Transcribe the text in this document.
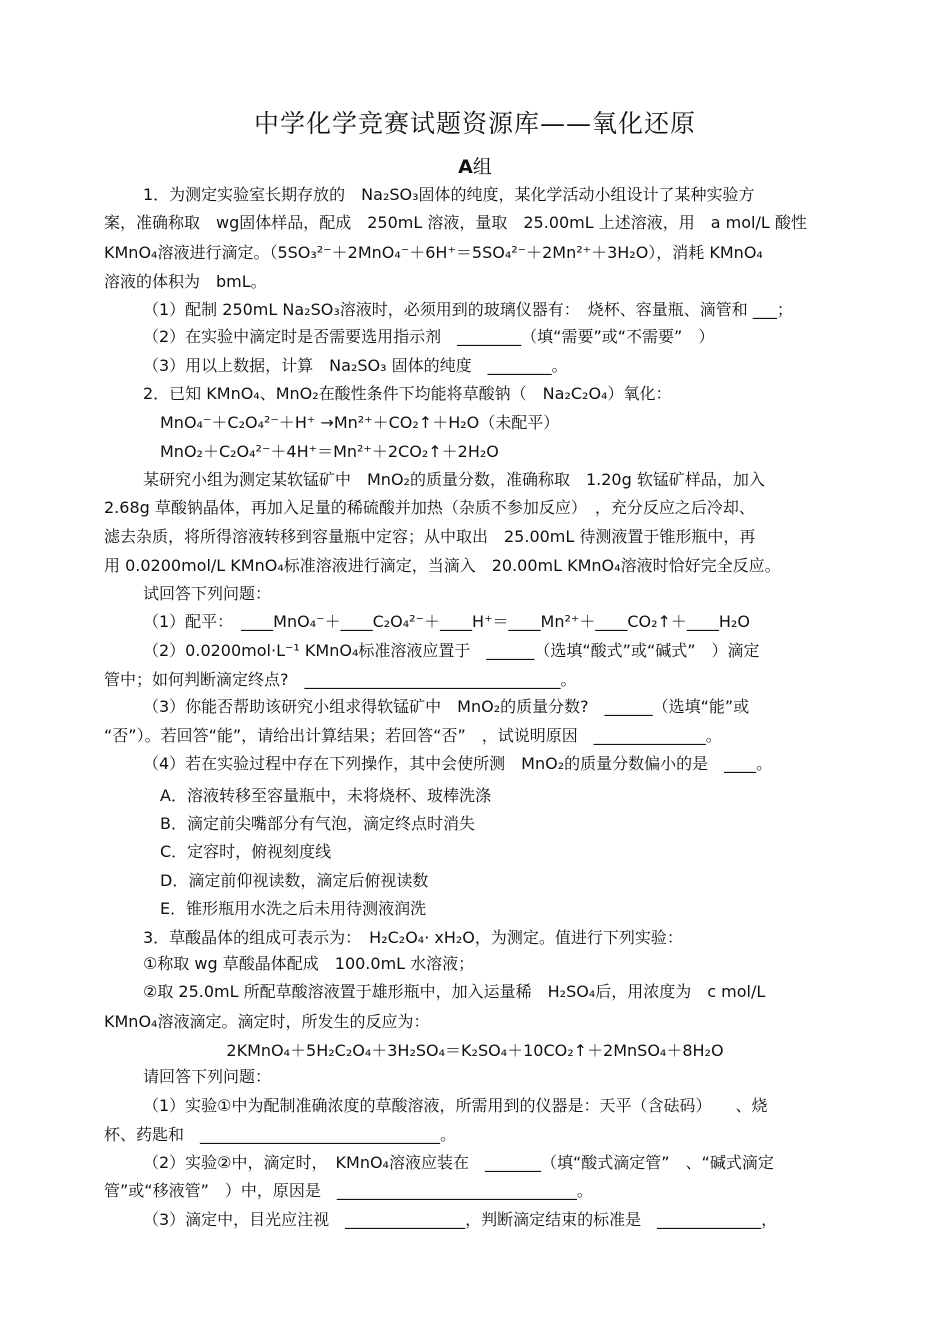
中学化学竞赛试题资源库——氧化还原
A组
1．为测定实验室长期存放的　Na₂SO₃固体的纯度，某化学活动小组设计了某种实验方
案，准确称取　wg固体样品，配成　250mL 溶液，量取　25.00mL 上述溶液，用　a mol/L 酸性
KMnO₄溶液进行滴定。（5SO₃²⁻＋2MnO₄⁻＋6H⁺＝5SO₄²⁻＋2Mn²⁺＋3H₂O），消耗 KMnO₄
溶液的体积为　bmL。
（1）配制 250mL Na₂SO₃溶液时，必须用到的玻璃仪器有：　烧杯、容量瓶、滴管和 ___；
（2）在实验中滴定时是否需要选用指示剂　________（填“需要”或“不需要”　）
（3）用以上数据，计算　Na₂SO₃ 固体的纯度　________。
2．已知 KMnO₄、MnO₂在酸性条件下均能将草酸钠（　Na₂C₂O₄）氧化：
MnO₄⁻＋C₂O₄²⁻＋H⁺ →Mn²⁺＋CO₂↑＋H₂O（未配平）
MnO₂＋C₂O₄²⁻＋4H⁺＝Mn²⁺＋2CO₂↑＋2H₂O
某研究小组为测定某软锰矿中　MnO₂的质量分数，准确称取　1.20g 软锰矿样品，加入
2.68g 草酸钠晶体，再加入足量的稀硫酸并加热（杂质不参加反应）　，充分反应之后冷却、
滤去杂质，将所得溶液转移到容量瓶中定容；从中取出　25.00mL 待测液置于锥形瓶中，再
用 0.0200mol/L KMnO₄标准溶液进行滴定，当滴入　20.00mL KMnO₄溶液时恰好完全反应。
试回答下列问题：
（1）配平：　____MnO₄⁻＋____C₂O₄²⁻＋____H⁺＝____Mn²⁺＋____CO₂↑＋____H₂O
（2）0.0200mol·L⁻¹ KMnO₄标准溶液应置于　______（选填“酸式”或“碱式”　）滴定
管中；如何判断滴定终点?　________________________________。
（3）你能否帮助该研究小组求得软锰矿中　MnO₂的质量分数?　______（选填“能”或
“否”）。若回答“能”，请给出计算结果；若回答“否”　，试说明原因　______________。
（4）若在实验过程中存在下列操作，其中会使所测　MnO₂的质量分数偏小的是　____。
A．溶液转移至容量瓶中，未将烧杯、玻棒洗涤
B．滴定前尖嘴部分有气泡，滴定终点时消失
C．定容时，俯视刻度线
D．滴定前仰视读数，滴定后俯视读数
E．锥形瓶用水洗之后未用待测液润洗
3．草酸晶体的组成可表示为：　H₂C₂O₄· xH₂O，为测定。值进行下列实验：
①称取 wg 草酸晶体配成　100.0mL 水溶液；
②取 25.0mL 所配草酸溶液置于雄形瓶中，加入运量稀　H₂SO₄后，用浓度为　c mol/L
KMnO₄溶液滴定。滴定时，所发生的反应为：
2KMnO₄＋5H₂C₂O₄＋3H₂SO₄＝K₂SO₄＋10CO₂↑＋2MnSO₄＋8H₂O
请回答下列问题：
（1）实验①中为配制准确浓度的草酸溶液，所需用到的仪器是：天平（含砝码）　　、烧
杯、药匙和　______________________________。
（2）实验②中，滴定时，　KMnO₄溶液应装在　_______（填“酸式滴定管”　、“碱式滴定
管”或“移液管”　）中，原因是　______________________________。
（3）滴定中，目光应注视　_______________，判断滴定结束的标准是　_____________，
